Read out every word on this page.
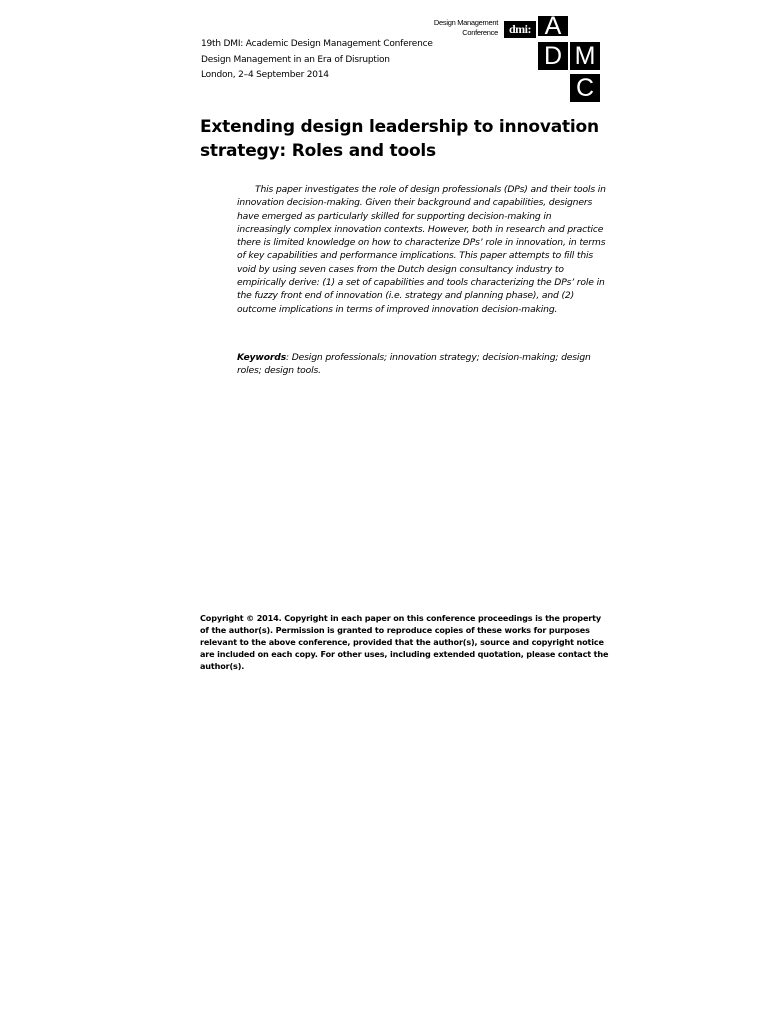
19th DMI: Academic Design Management Conference
Design Management in an Era of Disruption
London, 2–4 September 2014
Design Management
Conference dmi: A
D M
C
Extending design leadership to innovation strategy: Roles and tools
This paper investigates the role of design professionals (DPs) and their tools in innovation decision-making. Given their background and capabilities, designers have emerged as particularly skilled for supporting decision-making in increasingly complex innovation contexts. However, both in research and practice there is limited knowledge on how to characterize DPs’ role in innovation, in terms of key capabilities and performance implications. This paper attempts to fill this void by using seven cases from the Dutch design consultancy industry to empirically derive: (1) a set of capabilities and tools characterizing the DPs’ role in the fuzzy front end of innovation (i.e. strategy and planning phase), and (2) outcome implications in terms of improved innovation decision-making.
Keywords: Design professionals; innovation strategy; decision-making; design roles; design tools.
Copyright © 2014. Copyright in each paper on this conference proceedings is the property of the author(s). Permission is granted to reproduce copies of these works for purposes relevant to the above conference, provided that the author(s), source and copyright notice are included on each copy. For other uses, including extended quotation, please contact the author(s).
